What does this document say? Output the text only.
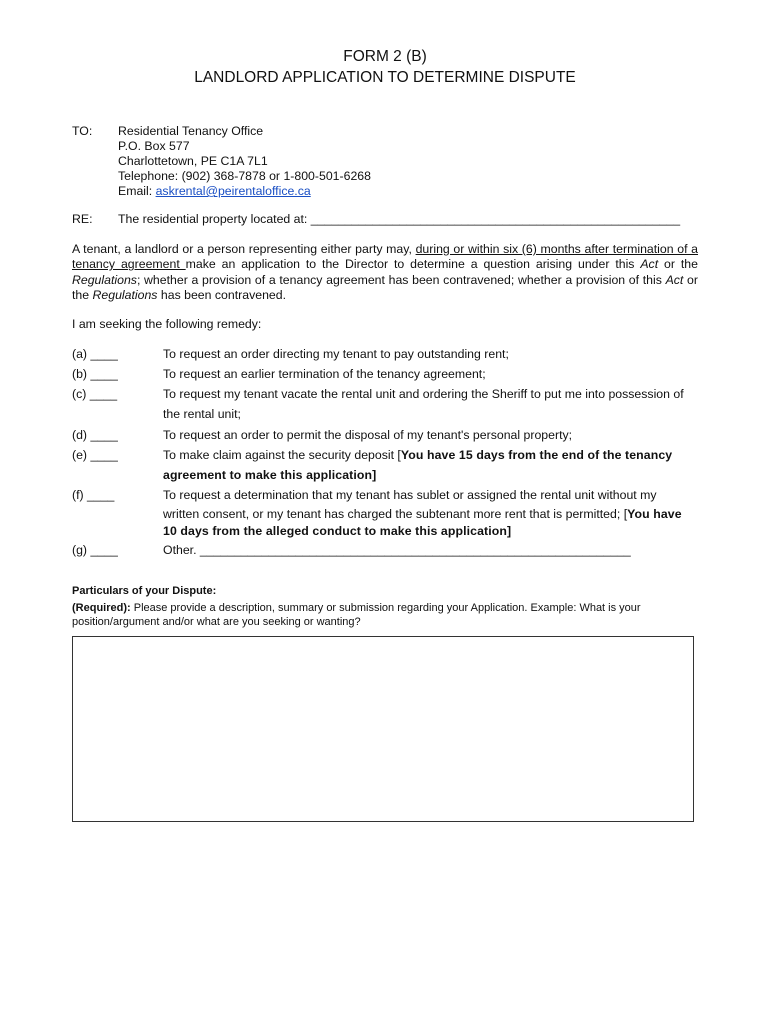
FORM 2 (B)
LANDLORD APPLICATION TO DETERMINE DISPUTE
TO: Residential Tenancy Office
P.O. Box 577
Charlottetown, PE C1A 7L1
Telephone: (902) 368-7878 or 1-800-501-6268
Email: askrental@peirentaloffice.ca
RE: The residential property located at: ______________________________________________________
A tenant, a landlord or a person representing either party may, during or within six (6) months after termination of a tenancy agreement make an application to the Director to determine a question arising under this Act or the Regulations; whether a provision of a tenancy agreement has been contravened; whether a provision of this Act or the Regulations has been contravened.
I am seeking the following remedy:
(a) ____	To request an order directing my tenant to pay outstanding rent;
(b) ____	To request an earlier termination of the tenancy agreement;
(c) ____	To request my tenant vacate the rental unit and ordering the Sheriff to put me into possession of
the rental unit;
(d) ____	To request an order to permit the disposal of my tenant's personal property;
(e) ____	To make claim against the security deposit [You have 15 days from the end of the tenancy
agreement to make this application]
(f) ____	To request a determination that my tenant has sublet or assigned the rental unit without my
written consent, or my tenant has charged the subtenant more rent that is permitted; [You have
10 days from the alleged conduct to make this application]
(g) ____	Other. _______________________________________________________________
Particulars of your Dispute:
(Required): Please provide a description, summary or submission regarding your Application. Example: What is your position/argument and/or what are you seeking or wanting?
